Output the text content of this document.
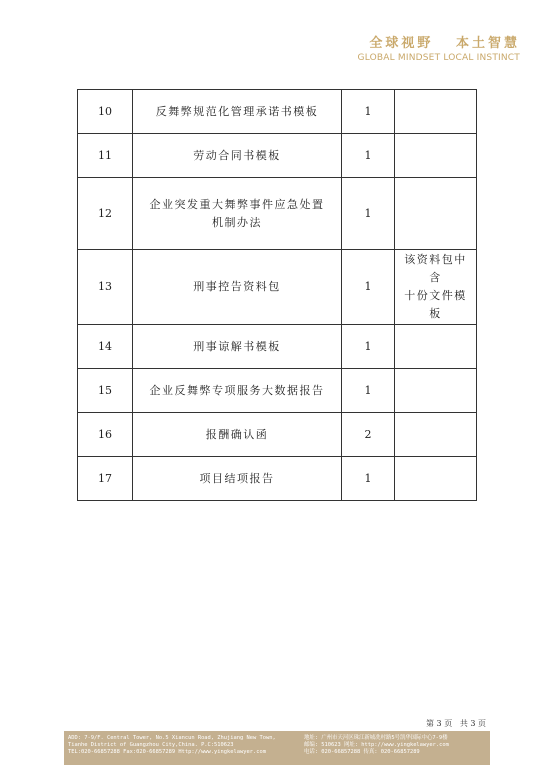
全球视野   本土智慧
GLOBAL MINDSET LOCAL INSTINCT
10	反舞弊规范化管理承诺书模板	1	
11	劳动合同书模板	1	
12	企业突发重大舞弊事件应急处置
机制办法	1	
13	刑事控告资料包	1	该资料包中含
十份文件模板

14	刑事谅解书模板	1	
15	企业反舞弊专项服务大数据报告	1	
16	报酬确认函	2	
17	项目结项报告	1	
第 3 页   共 3 页
ADD: 7-9/F. Central Tower, No.5 Xiancun Road, Zhujiang New Town,
Tianhe District of Guangzhou City,China. P.C:510623
TEL:020-66857288 Fax:020-66857289 Http://www.yingkelawyer.com
地址: 广州市天河区珠江新城冼村路5号凯华国际中心7-9楼
邮编: 510623 网址: http://www.yingkelawyer.com
电话: 020-66857288 传真: 020-66857289
